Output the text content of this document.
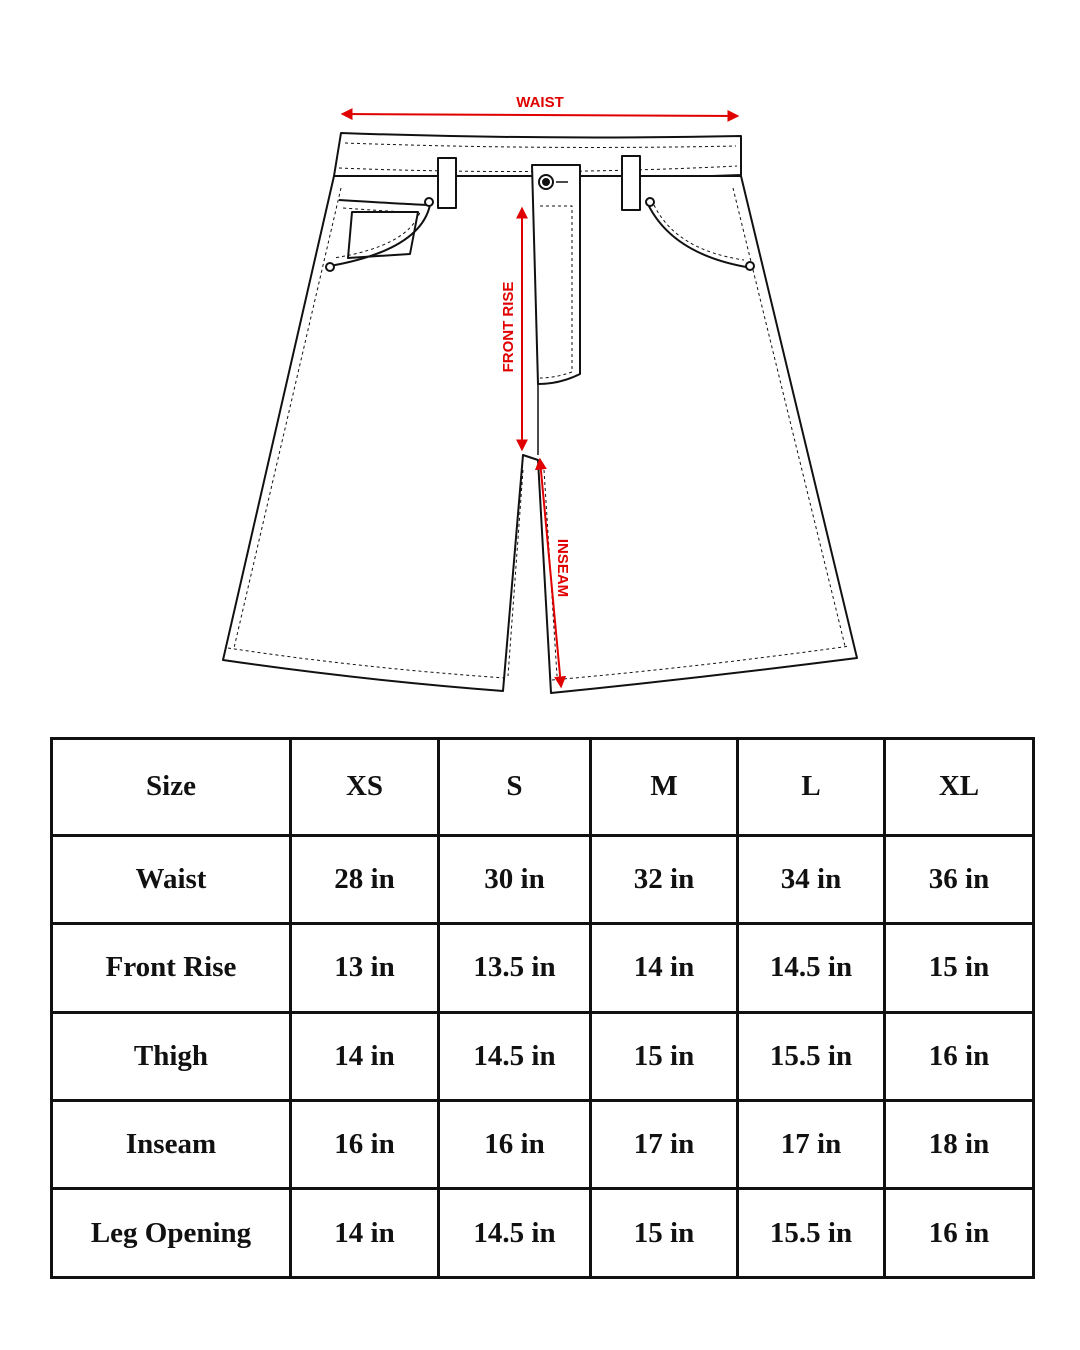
WAIST
FRONT RISE
INSEAM
Size	XS	S	M	L	XL
Waist	28 in	30 in	32 in	34 in	36 in
Front Rise	13 in	13.5 in	14 in	14.5 in	15 in
Thigh	14 in	14.5 in	15 in	15.5 in	16 in
Inseam	16 in	16 in	17 in	17 in	18 in
Leg Opening	14 in	14.5 in	15 in	15.5 in	16 in
